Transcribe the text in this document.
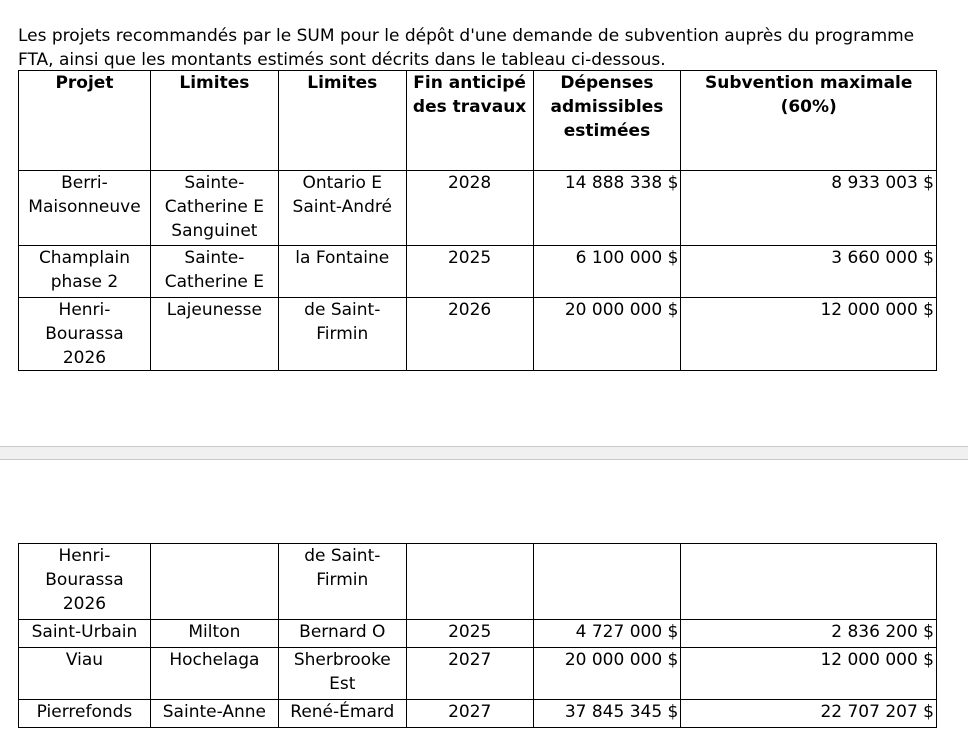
Les projets recommandés par le SUM pour le dépôt d'une demande de subvention auprès du programme FTA, ainsi que les montants estimés sont décrits dans le tableau ci-dessous.

Projet	Limites	Limites	Fin anticipé des travaux	Dépenses admissibles estimées	Subvention maximale (60%)
Berri-Maisonneuve	Sainte-Catherine E Sanguinet	Ontario E Saint-André	2028	14 888 338 $	8 933 003 $
Champlain phase 2	Sainte-Catherine E	la Fontaine	2025	6 100 000 $	3 660 000 $
Henri-Bourassa 2026	Lajeunesse	de Saint-Firmin	2026	20 000 000 $	12 000 000 $
Henri-Bourassa 2026		de Saint-Firmin			
Saint-Urbain	Milton	Bernard O	2025	4 727 000 $	2 836 200 $
Viau	Hochelaga	Sherbrooke Est	2027	20 000 000 $	12 000 000 $
Pierrefonds	Sainte-Anne	René-Émard	2027	37 845 345 $	22 707 207 $
